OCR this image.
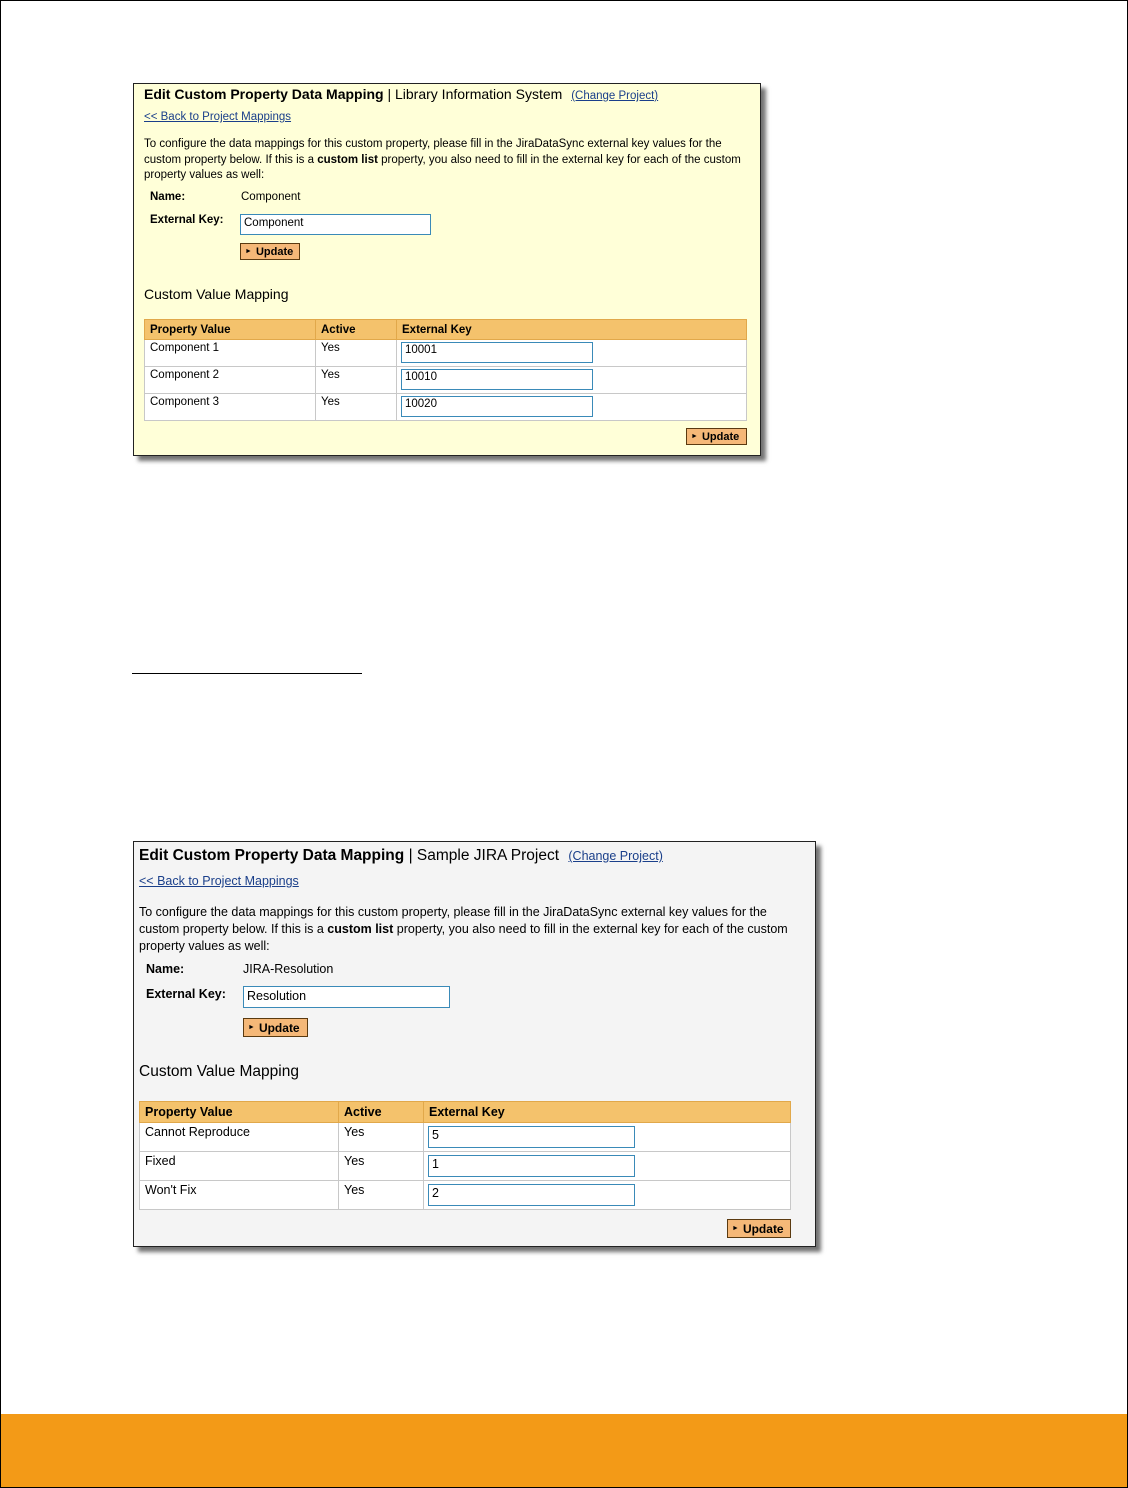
Edit Custom Property Data Mapping | Library Information System (Change Project)
<< Back to Project Mappings
To configure the data mappings for this custom property, please fill in the JiraDataSync external key values for the custom property below. If this is a custom list property, you also need to fill in the external key for each of the custom property values as well:
Name:	Component
External Key:	Component
► Update
Custom Value Mapping
Property Value	Active	External Key
Component 1	Yes	10001

Component 2	Yes	10010

Component 3	Yes	10020
► Update
Edit Custom Property Data Mapping | Sample JIRA Project (Change Project)
<< Back to Project Mappings
To configure the data mappings for this custom property, please fill in the JiraDataSync external key values for the custom property below. If this is a custom list property, you also need to fill in the external key for each of the custom property values as well:
Name:	JIRA-Resolution
External Key:	Resolution
► Update
Custom Value Mapping
Property Value	Active	External Key
Cannot Reproduce	Yes	5

Fixed	Yes	1

Won't Fix	Yes	2
► Update
